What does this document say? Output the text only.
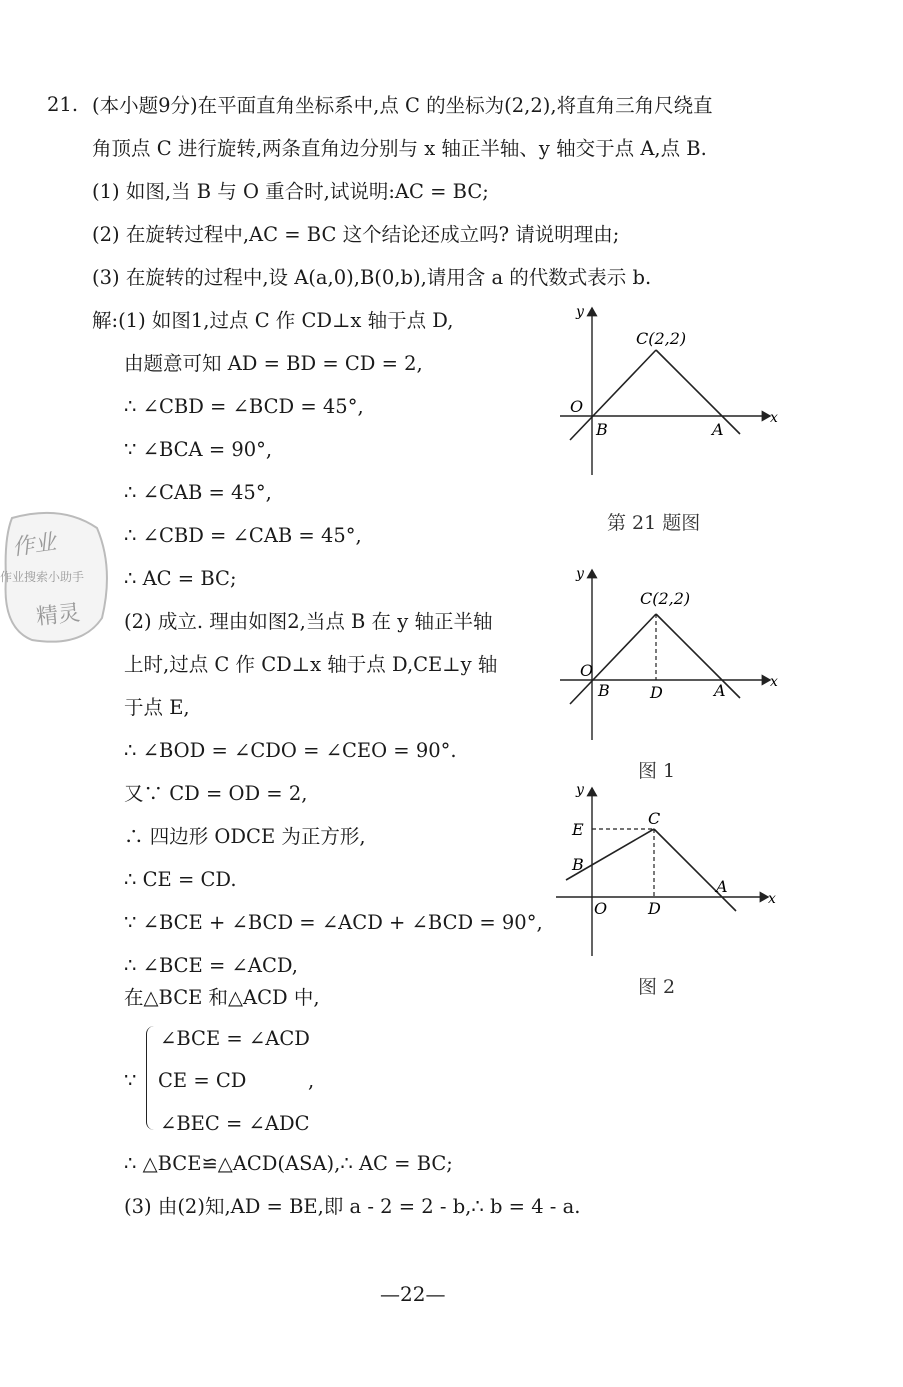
21. (本小题9分)在平面直角坐标系中,点 C 的坐标为(2,2),将直角三角尺绕直
角顶点 C 进行旋转,两条直角边分别与 x 轴正半轴、y 轴交于点 A,点 B.
(1) 如图,当 B 与 O 重合时,试说明:AC = BC;
(2) 在旋转过程中,AC = BC 这个结论还成立吗? 请说明理由;
(3) 在旋转的过程中,设 A(a,0),B(0,b),请用含 a 的代数式表示 b.
解:(1) 如图1,过点 C 作 CD⊥x 轴于点 D,
由题意可知 AD = BD = CD = 2,
∴ ∠CBD = ∠BCD = 45°,
∵ ∠BCA = 90°,
∴ ∠CAB = 45°,
∴ ∠CBD = ∠CAB = 45°,
∴ AC = BC;
(2) 成立. 理由如图2,当点 B 在 y 轴正半轴
上时,过点 C 作 CD⊥x 轴于点 D,CE⊥y 轴
于点 E,
∴ ∠BOD = ∠CDO = ∠CEO = 90°.
又∵ CD = OD = 2,
∴ 四边形 ODCE 为正方形,
∴ CE = CD.
∵ ∠BCE + ∠BCD = ∠ACD + ∠BCD = 90°,
∴ ∠BCE = ∠ACD,
在△BCE 和△ACD 中,
∵
∠BCE = ∠ACD
CE = CD
∠BEC = ∠ADC
,
∴ △BCE≌△ACD(ASA),∴ AC = BC;
(3) 由(2)知,AD = BE,即 a - 2 = 2 - b,∴ b = 4 - a.
y
x
C(2,2)
O
B	A
第 21 题图
y
x
C(2,2)
O
B	D	A
图 1
y
x
C
E
B
O	D
A
图 2
作业
作业搜索小助手
精灵
—22—
